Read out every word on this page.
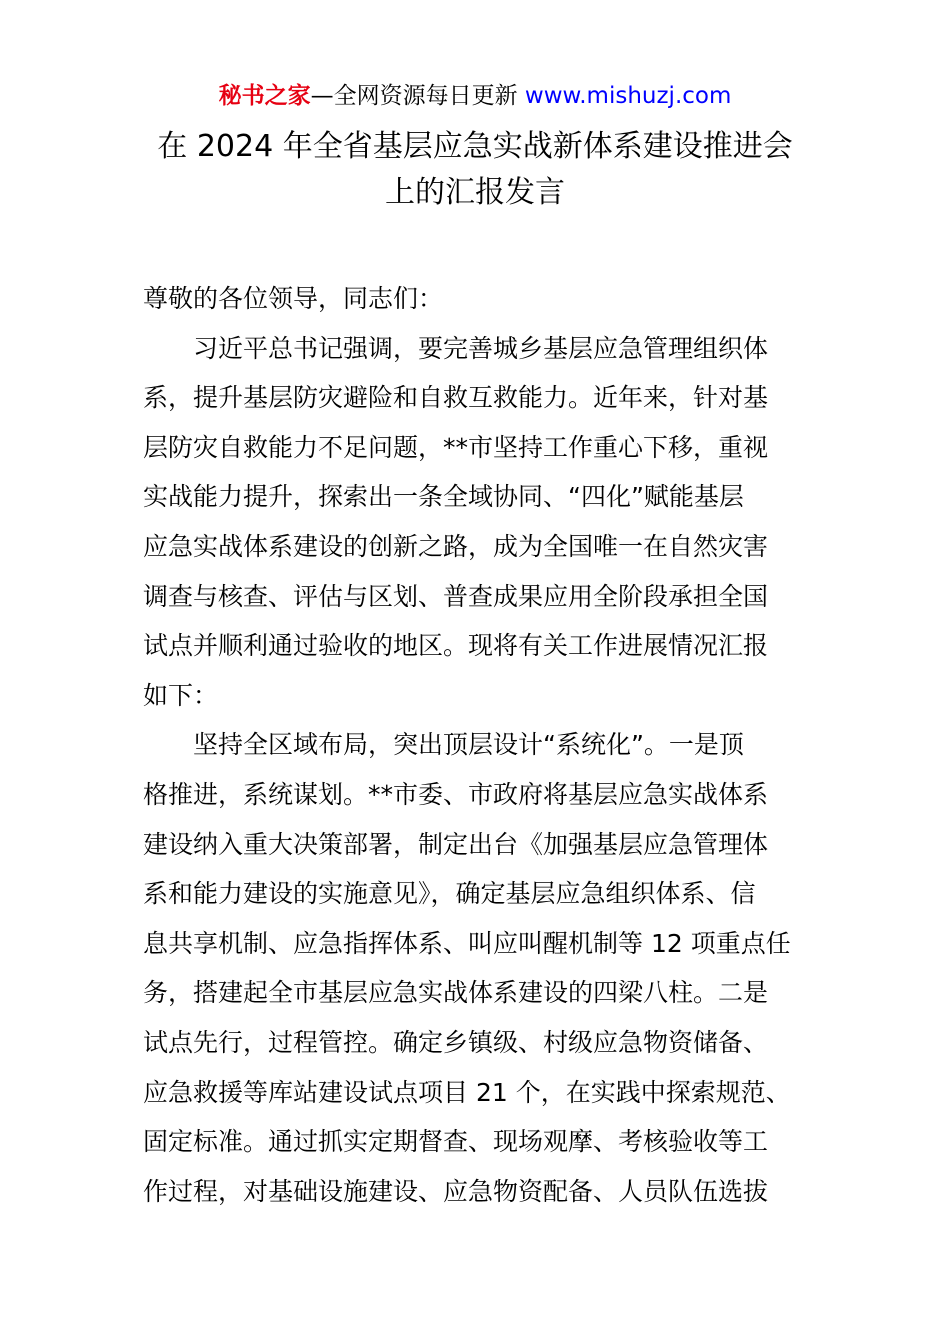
秘书之家—全网资源每日更新 www.mishuzj.com
在 2024 年全省基层应急实战新体系建设推进会
上的汇报发言
尊敬的各位领导，同志们：
习近平总书记强调，要完善城乡基层应急管理组织体
系，提升基层防灾避险和自救互救能力。近年来，针对基
层防灾自救能力不足问题，**市坚持工作重心下移，重视
实战能力提升，探索出一条全域协同、“四化”赋能基层
应急实战体系建设的创新之路，成为全国唯一在自然灾害
调查与核查、评估与区划、普查成果应用全阶段承担全国
试点并顺利通过验收的地区。现将有关工作进展情况汇报
如下：
坚持全区域布局，突出顶层设计“系统化”。一是顶
格推进，系统谋划。**市委、市政府将基层应急实战体系
建设纳入重大决策部署，制定出台《加强基层应急管理体
系和能力建设的实施意见》，确定基层应急组织体系、信
息共享机制、应急指挥体系、叫应叫醒机制等 12 项重点任
务，搭建起全市基层应急实战体系建设的四梁八柱。二是
试点先行，过程管控。确定乡镇级、村级应急物资储备、
应急救援等库站建设试点项目 21 个，在实践中探索规范、
固定标准。通过抓实定期督查、现场观摩、考核验收等工
作过程，对基础设施建设、应急物资配备、人员队伍选拔
